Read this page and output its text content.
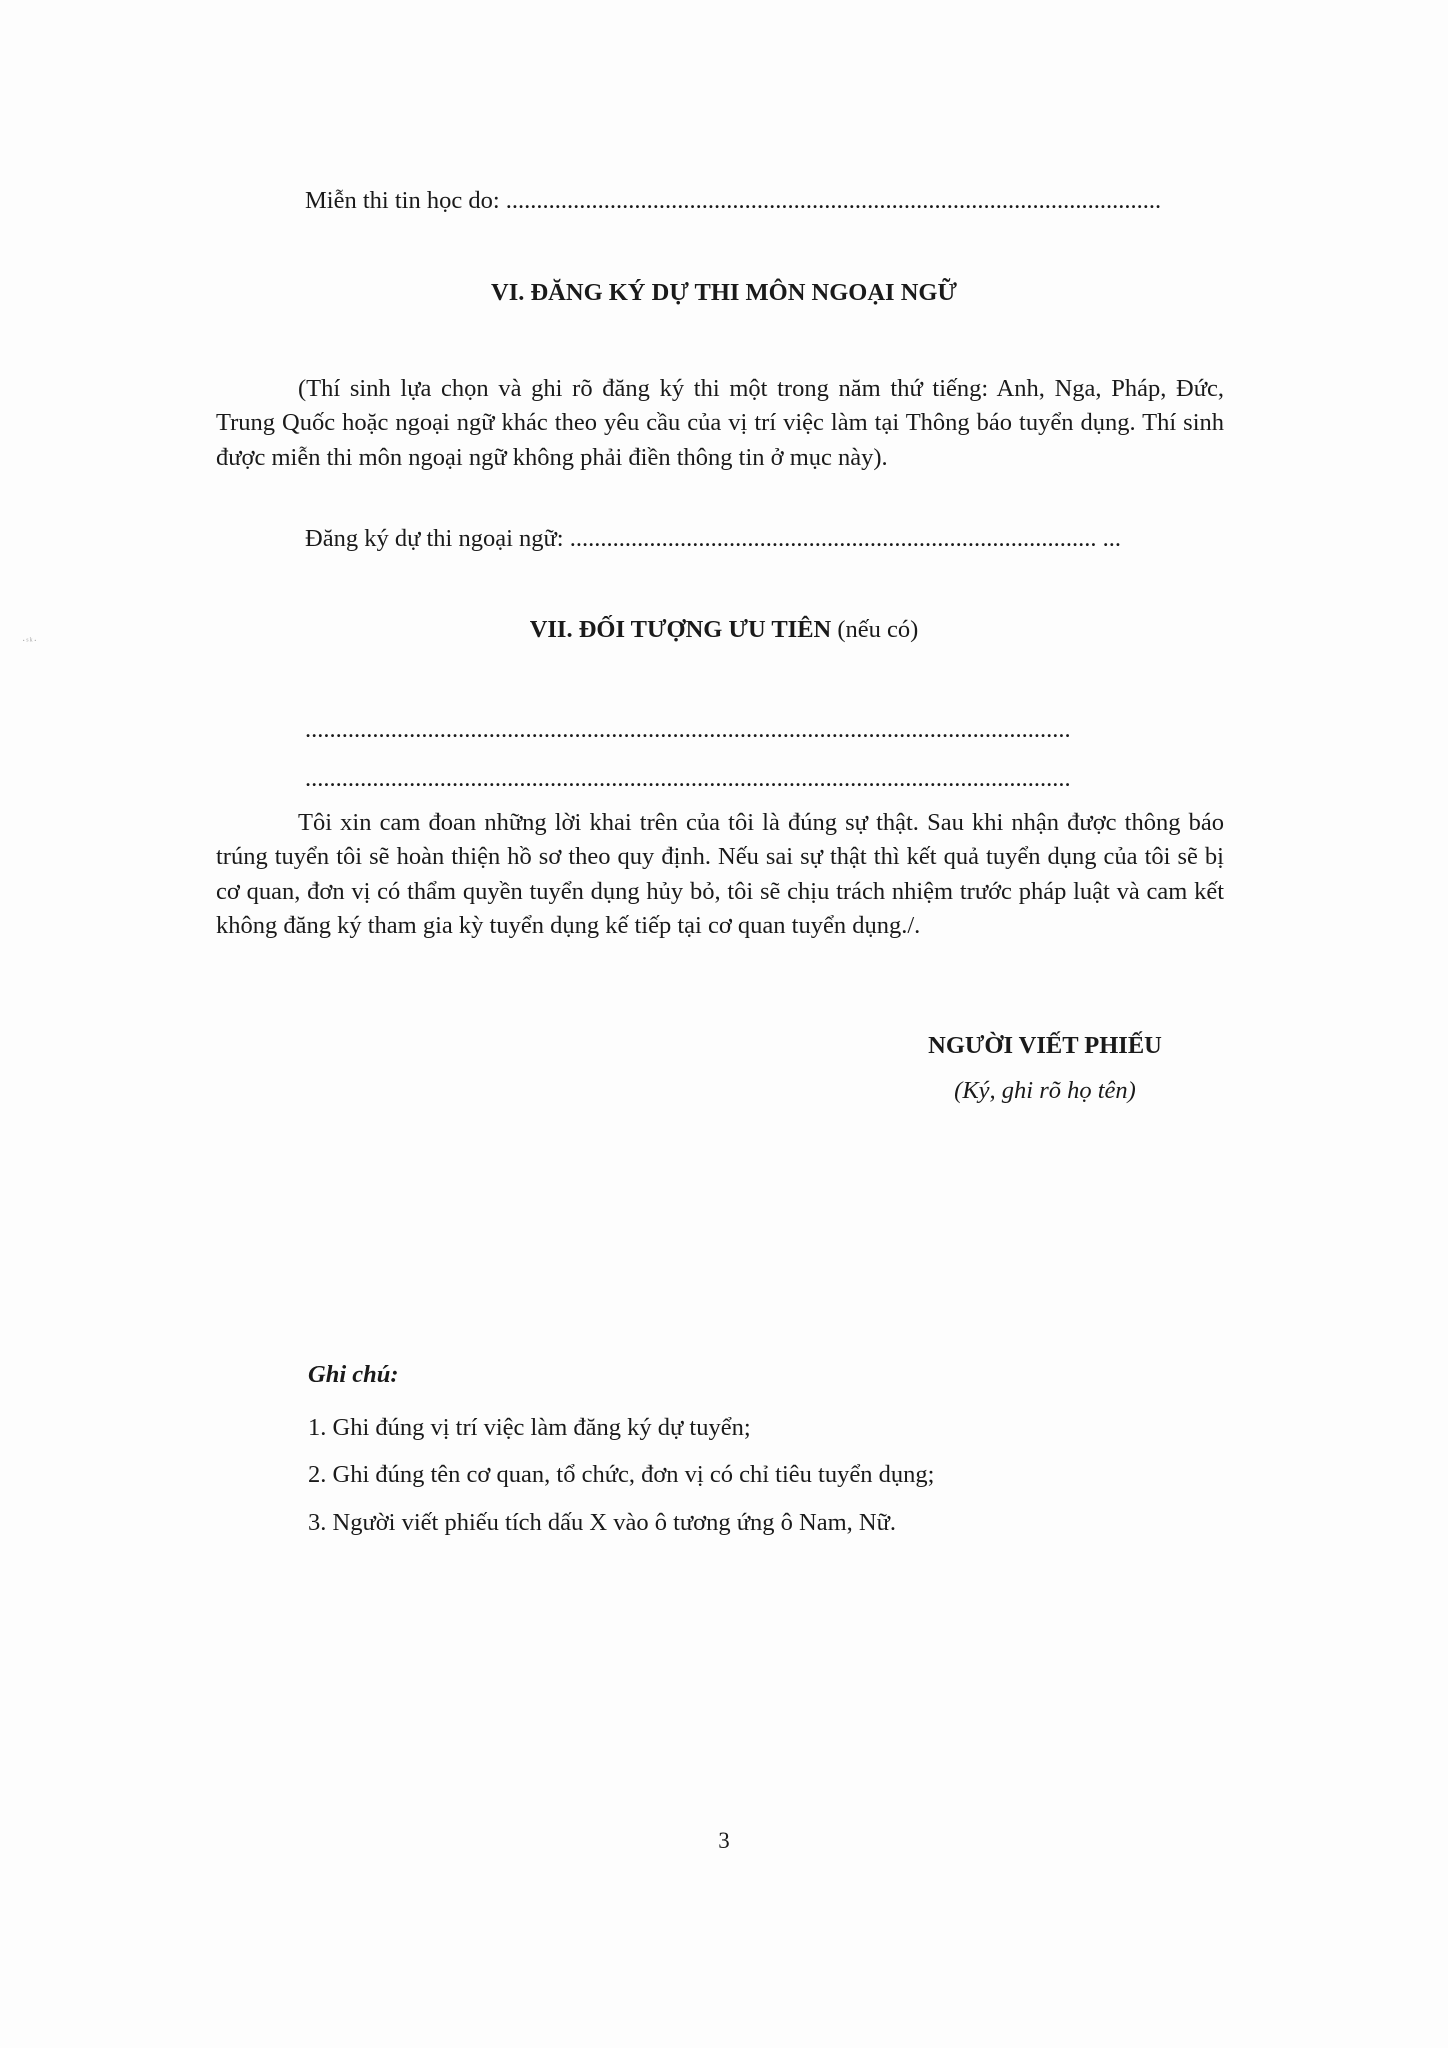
·ˢᵏ·
Miễn thi tin học do: ...........................................................................................................
VI. ĐĂNG KÝ DỰ THI MÔN NGOẠI NGỮ
(Thí sinh lựa chọn và ghi rõ đăng ký thi một trong năm thứ tiếng: Anh, Nga, Pháp, Đức, Trung Quốc hoặc ngoại ngữ khác theo yêu cầu của vị trí việc làm tại Thông báo tuyển dụng. Thí sinh được miễn thi môn ngoại ngữ không phải điền thông tin ở mục này).
Đăng ký dự thi ngoại ngữ: ...................................................................................... ...
VII. ĐỐI TƯỢNG ƯU TIÊN (nếu có)
.............................................................................................................................
.............................................................................................................................
Tôi xin cam đoan những lời khai trên của tôi là đúng sự thật. Sau khi nhận được thông báo trúng tuyển tôi sẽ hoàn thiện hồ sơ theo quy định. Nếu sai sự thật thì kết quả tuyển dụng của tôi sẽ bị cơ quan, đơn vị có thẩm quyền tuyển dụng hủy bỏ, tôi sẽ chịu trách nhiệm trước pháp luật và cam kết không đăng ký tham gia kỳ tuyển dụng kế tiếp tại cơ quan tuyển dụng./.
NGƯỜI VIẾT PHIẾU
(Ký, ghi rõ họ tên)
Ghi chú:
1. Ghi đúng vị trí việc làm đăng ký dự tuyển;
2. Ghi đúng tên cơ quan, tổ chức, đơn vị có chỉ tiêu tuyển dụng;
3. Người viết phiếu tích dấu X vào ô tương ứng ô Nam, Nữ.
3
